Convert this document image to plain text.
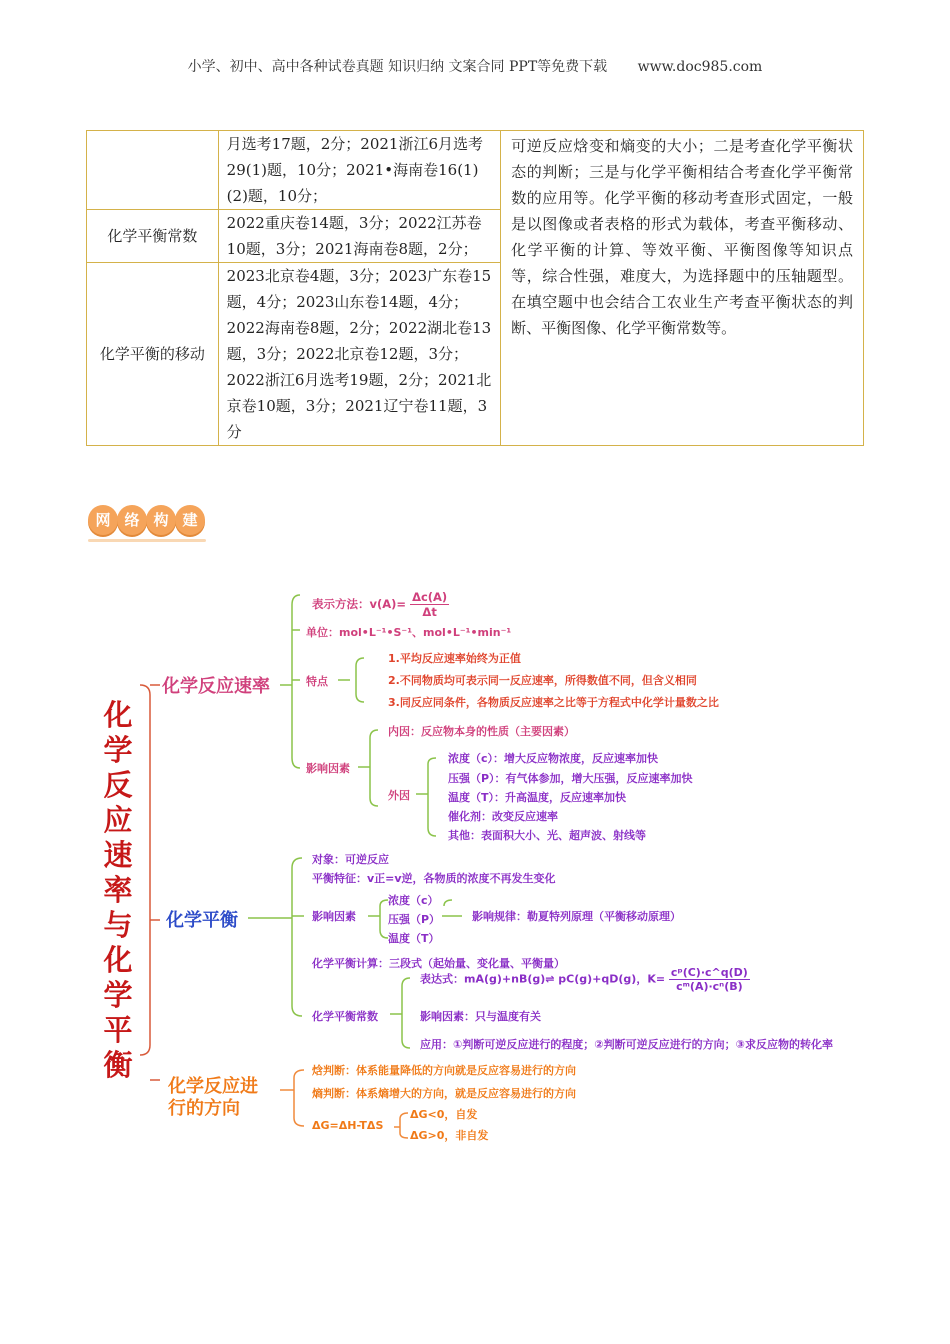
小学、初中、高中各种试卷真题 知识归纳 文案合同 PPT等免费下载 www.doc985.com
	月选考17题，2分；2021浙江6月选考29(1)题，10分；2021•海南卷16(1)(2)题，10分；	可逆反应焓变和熵变的大小；二是考查化学平衡状态的判断；三是与化学平衡相结合考查化学平衡常数的应用等。化学平衡的移动考查形式固定，一般是以图像或者表格的形式为载体，考查平衡移动、化学平衡的计算、等效平衡、平衡图像等知识点等，综合性强，难度大，为选择题中的压轴题型。在填空题中也会结合工农业生产考查平衡状态的判断、平衡图像、化学平衡常数等。

化学平衡常数	2022重庆卷14题，3分；2022江苏卷10题，3分；2021海南卷8题，2分；	
化学平衡的移动	2023北京卷4题，3分；2023广东卷15题，4分；2023山东卷14题，4分；2022海南卷8题，2分；2022湖北卷13题，3分；2022北京卷12题，3分；2022浙江6月选考19题，2分；2021北京卷10题，3分；2021辽宁卷11题，3分	
网 络 构 建
化学反应速率与化学平衡
化学反应速率
表示方法：$v(A)= \frac{\Delta c(A)}{\Delta t}$
单位：mol•L⁻¹•S⁻¹、mol•L⁻¹•min⁻¹
特点
1.平均反应速率始终为正值
2.不同物质均可表示同一反应速率，所得数值不同，但含义相同
3.同反应同条件，各物质反应速率之比等于方程式中化学计量数之比
影响因素
内因：反应物本身的性质（主要因素）
外因
浓度（c）：增大反应物浓度，反应速率加快
压强（P）：有气体参加，增大压强，反应速率加快
温度（T）：升高温度，反应速率加快
催化剂：改变反应速率
其他：表面积大小、光、超声波、射线等
化学平衡
对象：可逆反应
平衡特征：v正=v逆，各物质的浓度不再发生变化
影响因素
浓度（c）
压强（P）
温度（T）
影响规律：勒夏特列原理（平衡移动原理）
化学平衡计算：三段式（起始量、变化量、平衡量）
化学平衡常数
表达式：mA(g)+nB(g)⇌ pC(g)+qD(g)，$K= \frac{\text{cᵖ(C)·c\textasciicircum{}q(D)}}{\text{cᵐ(A)·cⁿ(B)}}$
影响因素：只与温度有关
应用：①判断可逆反应进行的程度；②判断可逆反应进行的方向；③求反应物的转化率
化学反应进
行的方向
焓判断：体系能量降低的方向就是反应容易进行的方向
熵判断：体系熵增大的方向，就是反应容易进行的方向
ΔG=ΔH-TΔS
ΔG<0，自发
ΔG>0，非自发
